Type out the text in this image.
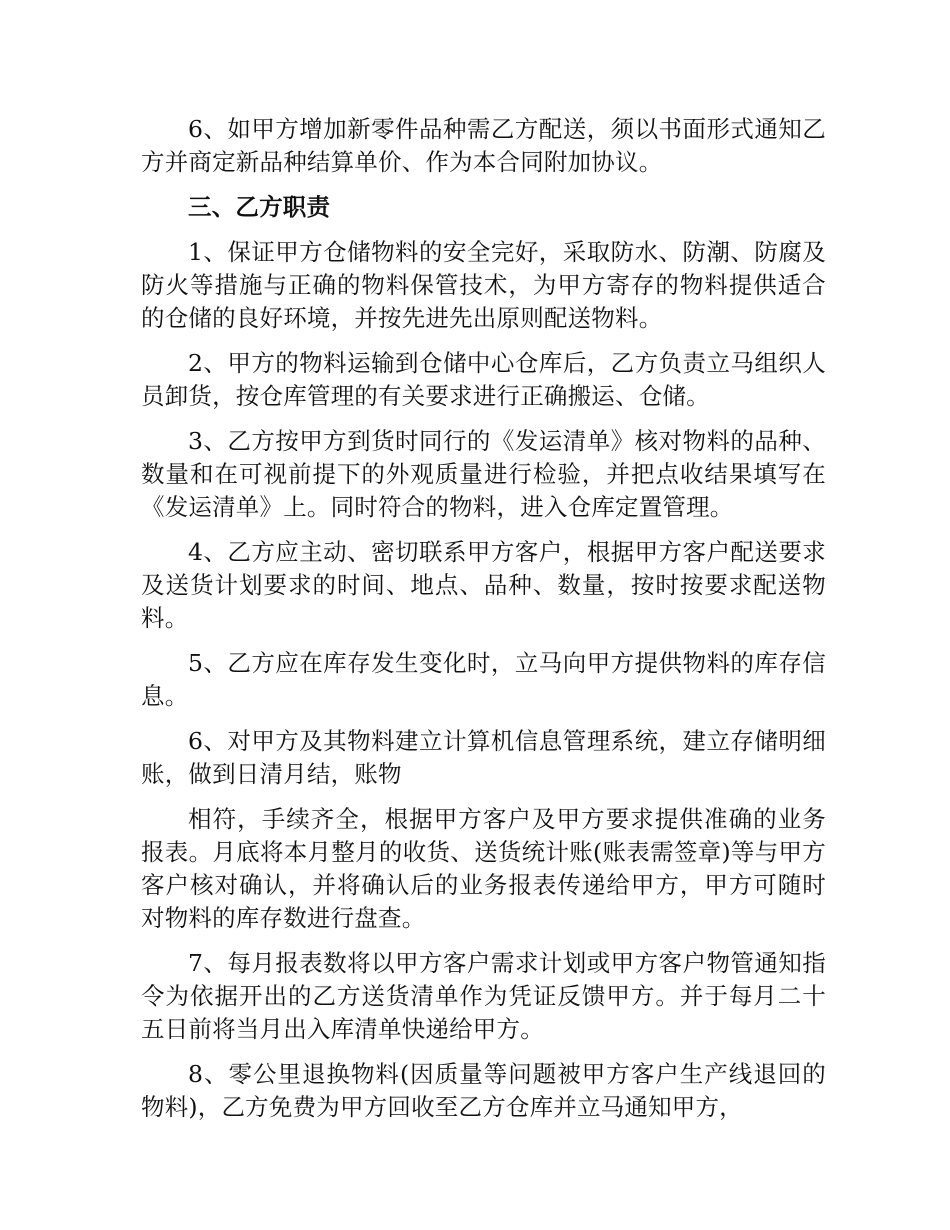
6、如甲方增加新零件品种需乙方配送，须以书面形式通知乙方并商定新品种结算单价、作为本合同附加协议。

三、乙方职责

1、保证甲方仓储物料的安全完好，采取防水、防潮、防腐及防火等措施与正确的物料保管技术，为甲方寄存的物料提供适合的仓储的良好环境，并按先进先出原则配送物料。

2、甲方的物料运输到仓储中心仓库后，乙方负责立马组织人员卸货，按仓库管理的有关要求进行正确搬运、仓储。

3、乙方按甲方到货时同行的《发运清单》核对物料的品种、数量和在可视前提下的外观质量进行检验，并把点收结果填写在《发运清单》上。同时符合的物料，进入仓库定置管理。

4、乙方应主动、密切联系甲方客户，根据甲方客户配送要求及送货计划要求的时间、地点、品种、数量，按时按要求配送物料。

5、乙方应在库存发生变化时，立马向甲方提供物料的库存信息。

6、对甲方及其物料建立计算机信息管理系统，建立存储明细账，做到日清月结，账物

相符，手续齐全，根据甲方客户及甲方要求提供准确的业务报表。月底将本月整月的收货、送货统计账(账表需签章)等与甲方客户核对确认，并将确认后的业务报表传递给甲方，甲方可随时对物料的库存数进行盘查。

7、每月报表数将以甲方客户需求计划或甲方客户物管通知指令为依据开出的乙方送货清单作为凭证反馈甲方。并于每月二十五日前将当月出入库清单快递给甲方。

8、零公里退换物料(因质量等问题被甲方客户生产线退回的物料)，乙方免费为甲方回收至乙方仓库并立马通知甲方，
